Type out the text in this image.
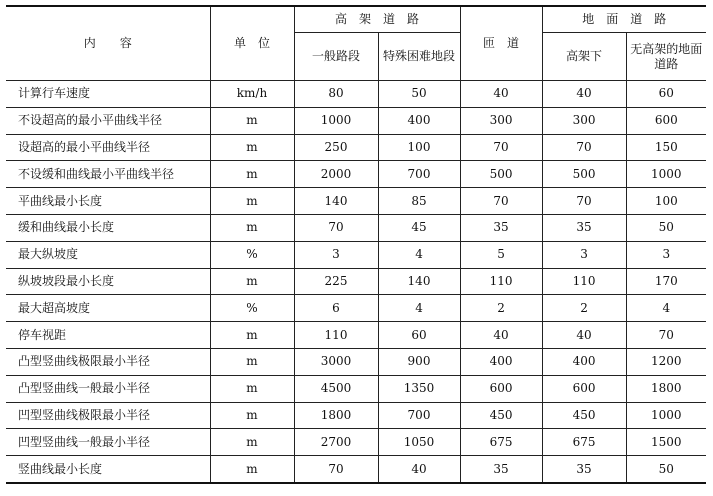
内　　容	单　位	高　架　道　路		匝　道	地　面　道　路	
		一般路段	特殊困难地段		高架下	无高架的地面道路
计算行车速度	km/h	80	50	40	40	60
不设超高的最小平曲线半径	m	1000	400	300	300	600
设超高的最小平曲线半径	m	250	100	70	70	150
不设缓和曲线最小平曲线半径	m	2000	700	500	500	1000
平曲线最小长度	m	140	85	70	70	100
缓和曲线最小长度	m	70	45	35	35	50
最大纵坡度	%	3	4	5	3	3
纵坡坡段最小长度	m	225	140	110	110	170
最大超高坡度	%	6	4	2	2	4
停车视距	m	110	60	40	40	70
凸型竖曲线极限最小半径	m	3000	900	400	400	1200
凸型竖曲线一般最小半径	m	4500	1350	600	600	1800
凹型竖曲线极限最小半径	m	1800	700	450	450	1000
凹型竖曲线一般最小半径	m	2700	1050	675	675	1500
竖曲线最小长度	m	70	40	35	35	50
